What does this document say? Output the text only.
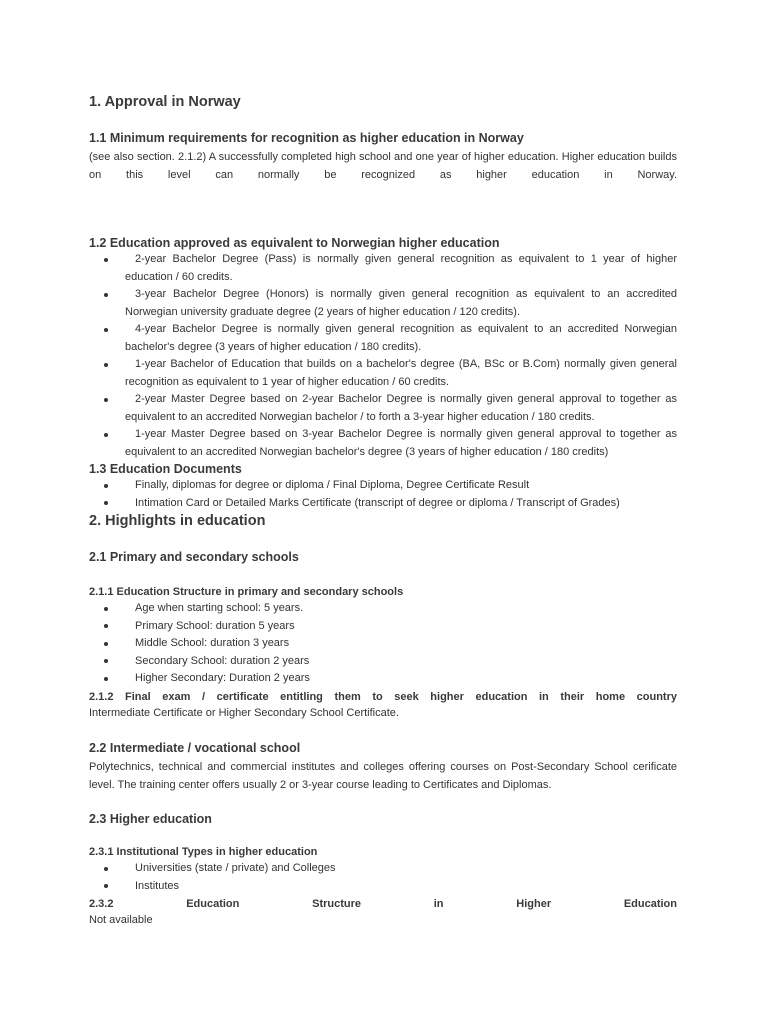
1. Approval in Norway

1.1 Minimum requirements for recognition as higher education in Norway

(see also section. 2.1.2) A successfully completed high school and one year of higher education. Higher education builds on this level can normally be recognized as higher education in Norway.

1.2 Education approved as equivalent to Norwegian higher education

2-year Bachelor Degree (Pass) is normally given general recognition as equivalent to 1 year of higher education / 60 credits.
3-year Bachelor Degree (Honors) is normally given general recognition as equivalent to an accredited Norwegian university graduate degree (2 years of higher education / 120 credits).
4-year Bachelor Degree is normally given general recognition as equivalent to an accredited Norwegian bachelor's degree (3 years of higher education / 180 credits).
1-year Bachelor of Education that builds on a bachelor's degree (BA, BSc or B.Com) normally given general recognition as equivalent to 1 year of higher education / 60 credits.
2-year Master Degree based on 2-year Bachelor Degree is normally given general approval to together as equivalent to an accredited Norwegian bachelor / to forth a 3-year higher education / 180 credits.
1-year Master Degree based on 3-year Bachelor Degree is normally given general approval to together as equivalent to an accredited Norwegian bachelor's degree (3 years of higher education / 180 credits)

1.3 Education Documents

Finally, diplomas for degree or diploma / Final Diploma, Degree Certificate Result
Intimation Card or Detailed Marks Certificate (transcript of degree or diploma / Transcript of Grades)

2. Highlights in education

2.1 Primary and secondary schools

2.1.1 Education Structure in primary and secondary schools

Age when starting school: 5 years.
Primary School: duration 5 years
Middle School: duration 3 years
Secondary School: duration 2 years
Higher Secondary: Duration 2 years

2.1.2 Final exam / certificate entitling them to seek higher education in their home country

Intermediate Certificate or Higher Secondary School Certificate.

2.2 Intermediate / vocational school

Polytechnics, technical and commercial institutes and colleges offering courses on Post-Secondary School cerificate level. The training center offers usually 2 or 3-year course leading to Certificates and Diplomas.

2.3 Higher education

2.3.1 Institutional Types in higher education

Universities (state / private) and Colleges
Institutes

2.3.2 Education Structure in Higher Education

Not available
